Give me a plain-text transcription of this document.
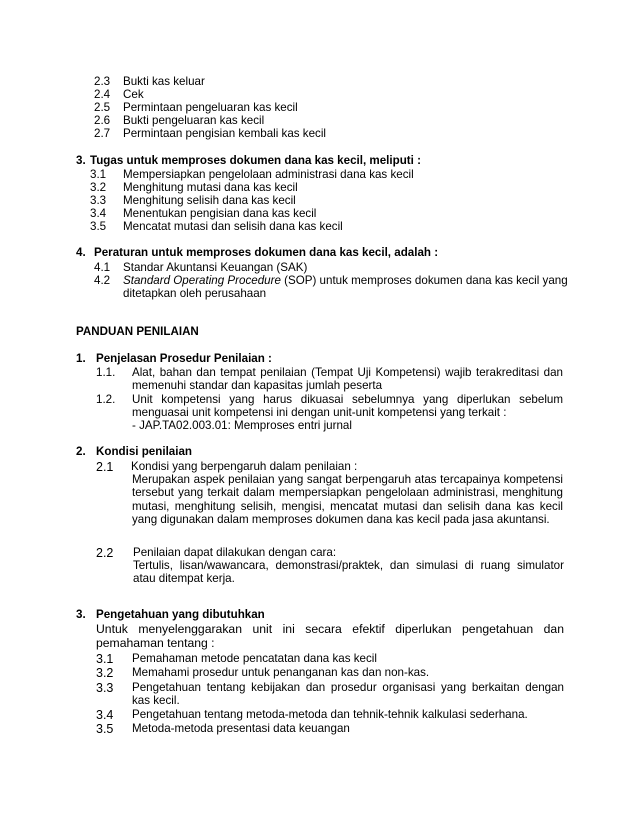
2.3 Bukti kas keluar
2.4 Cek
2.5 Permintaan pengeluaran kas kecil
2.6 Bukti pengeluaran kas kecil
2.7 Permintaan pengisian kembali kas kecil
3. Tugas untuk memproses dokumen dana kas kecil, meliputi :
3.1 Mempersiapkan pengelolaan administrasi dana kas kecil
3.2 Menghitung mutasi dana kas kecil
3.3 Menghitung selisih dana kas kecil
3.4 Menentukan pengisian dana kas kecil
3.5 Mencatat mutasi dan selisih dana kas kecil
4. Peraturan untuk memproses dokumen dana kas kecil, adalah :
4.1 Standar Akuntansi Keuangan (SAK)
4.2 Standard Operating Procedure (SOP) untuk memproses dokumen dana kas kecil yang
ditetapkan oleh perusahaan
PANDUAN PENILAIAN
1. Penjelasan Prosedur Penilaian :
1.1. Alat, bahan dan tempat penilaian (Tempat Uji Kompetensi) wajib terakreditasi dan memenuhi standar dan kapasitas jumlah peserta
1.2. Unit kompetensi yang harus dikuasai sebelumnya yang diperlukan sebelum menguasai unit kompetensi ini dengan unit-unit kompetensi yang terkait :
- JAP.TA02.003.01: Memproses entri jurnal
2. Kondisi penilaian
2.1 Kondisi yang berpengaruh dalam penilaian :
Merupakan aspek penilaian yang sangat berpengaruh atas tercapainya kompetensi tersebut yang terkait dalam mempersiapkan pengelolaan administrasi, menghitung mutasi, menghitung selisih, mengisi, mencatat mutasi dan selisih dana kas kecil yang digunakan dalam memproses dokumen dana kas kecil pada jasa akuntansi.
2.2 Penilaian dapat dilakukan dengan cara:
Tertulis, lisan/wawancara, demonstrasi/praktek, dan simulasi di ruang simulator atau ditempat kerja.
3. Pengetahuan yang dibutuhkan
Untuk menyelenggarakan unit ini secara efektif diperlukan pengetahuan dan pemahaman tentang :
3.1 Pemahaman metode pencatatan dana kas kecil
3.2 Memahami prosedur untuk penanganan kas dan non-kas.
3.3 Pengetahuan tentang kebijakan dan prosedur organisasi yang berkaitan dengan kas kecil.
3.4 Pengetahuan tentang metoda-metoda dan tehnik-tehnik kalkulasi sederhana.
3.5 Metoda-metoda presentasi data keuangan
